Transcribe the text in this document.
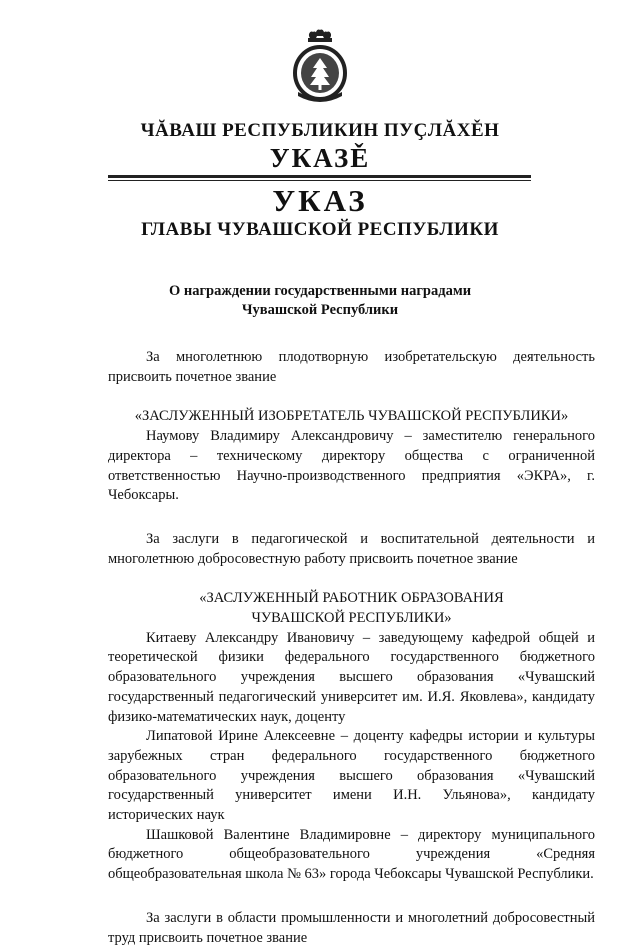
ЧĂВАШ РЕСПУБЛИКИН ПУҪЛĂХĚН
УКАЗĚ
УКАЗ
ГЛАВЫ ЧУВАШСКОЙ РЕСПУБЛИКИ
О награждении государственными наградами
Чувашской Республики

За многолетнюю плодотворную изобретательскую деятельность присвоить почетное звание

«ЗАСЛУЖЕННЫЙ ИЗОБРЕТАТЕЛЬ ЧУВАШСКОЙ РЕСПУБЛИКИ»

Наумову Владимиру Александровичу – заместителю генерального директора – техническому директору общества с ограниченной ответственностью Научно-производственного предприятия «ЭКРА», г. Чебоксары.

За заслуги в педагогической и воспитательной деятельности и многолетнюю добросовестную работу присвоить почетное звание

«ЗАСЛУЖЕННЫЙ РАБОТНИК ОБРАЗОВАНИЯ

ЧУВАШСКОЙ РЕСПУБЛИКИ»

Китаеву Александру Ивановичу – заведующему кафедрой общей и теоретической физики федерального государственного бюджетного образовательного учреждения высшего образования «Чувашский государственный педагогический университет им. И.Я. Яковлева», кандидату физико-математических наук, доценту

Липатовой Ирине Алексеевне – доценту кафедры истории и культуры зарубежных стран федерального государственного бюджетного образовательного учреждения высшего образования «Чувашский государственный университет имени И.Н. Ульянова», кандидату исторических наук

Шашковой Валентине Владимировне – директору муниципального бюджетного общеобразовательного учреждения «Средняя общеобразовательная школа № 63» города Чебоксары Чувашской Республики.

За заслуги в области промышленности и многолетний добросовестный труд присвоить почетное звание
